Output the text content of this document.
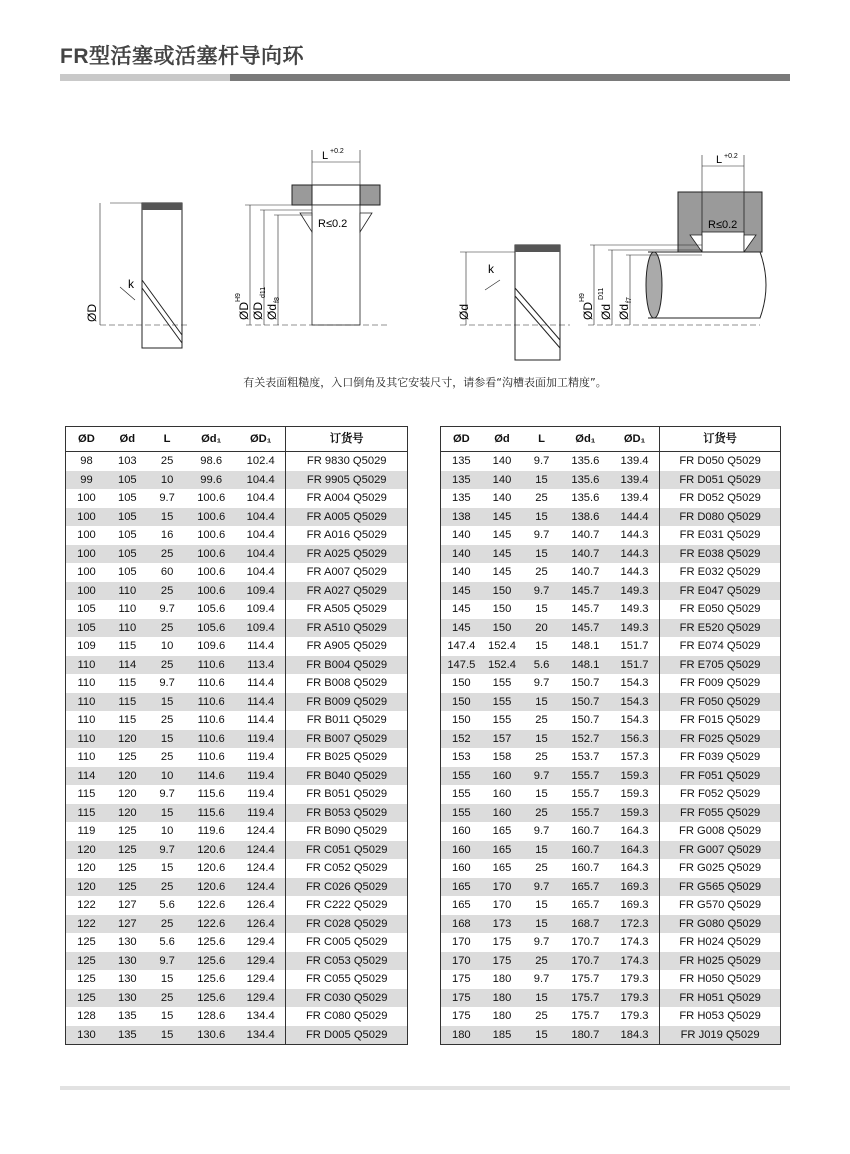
FR型活塞或活塞杆导向环
k
ØD
L +0.2
R≤0.2
ØD
H9
ØD
d11
Ød
f8
k
Ød
L +0.2
R≤0.2
ØD
H9
Ød
D11
Ød
f7
有关表面粗糙度，入口倒角及其它安装尺寸，请参看“沟槽表面加工精度”。
ØD	Ød	L	Ød₁	ØD₁	订货号
98	103	25	98.6	102.4	FR 9830 Q5029
99	105	10	99.6	104.4	FR 9905 Q5029
100	105	9.7	100.6	104.4	FR A004 Q5029
100	105	15	100.6	104.4	FR A005 Q5029
100	105	16	100.6	104.4	FR A016 Q5029
100	105	25	100.6	104.4	FR A025 Q5029
100	105	60	100.6	104.4	FR A007 Q5029
100	110	25	100.6	109.4	FR A027 Q5029
105	110	9.7	105.6	109.4	FR A505 Q5029
105	110	25	105.6	109.4	FR A510 Q5029
109	115	10	109.6	114.4	FR A905 Q5029
110	114	25	110.6	113.4	FR B004 Q5029
110	115	9.7	110.6	114.4	FR B008 Q5029
110	115	15	110.6	114.4	FR B009 Q5029
110	115	25	110.6	114.4	FR B011 Q5029
110	120	15	110.6	119.4	FR B007 Q5029
110	125	25	110.6	119.4	FR B025 Q5029
114	120	10	114.6	119.4	FR B040 Q5029
115	120	9.7	115.6	119.4	FR B051 Q5029
115	120	15	115.6	119.4	FR B053 Q5029
119	125	10	119.6	124.4	FR B090 Q5029
120	125	9.7	120.6	124.4	FR C051 Q5029
120	125	15	120.6	124.4	FR C052 Q5029
120	125	25	120.6	124.4	FR C026 Q5029
122	127	5.6	122.6	126.4	FR C222 Q5029
122	127	25	122.6	126.4	FR C028 Q5029
125	130	5.6	125.6	129.4	FR C005 Q5029
125	130	9.7	125.6	129.4	FR C053 Q5029
125	130	15	125.6	129.4	FR C055 Q5029
125	130	25	125.6	129.4	FR C030 Q5029
128	135	15	128.6	134.4	FR C080 Q5029
130	135	15	130.6	134.4	FR D005 Q5029
ØD	Ød	L	Ød₁	ØD₁	订货号
135	140	9.7	135.6	139.4	FR D050 Q5029
135	140	15	135.6	139.4	FR D051 Q5029
135	140	25	135.6	139.4	FR D052 Q5029
138	145	15	138.6	144.4	FR D080 Q5029
140	145	9.7	140.7	144.3	FR E031 Q5029
140	145	15	140.7	144.3	FR E038 Q5029
140	145	25	140.7	144.3	FR E032 Q5029
145	150	9.7	145.7	149.3	FR E047 Q5029
145	150	15	145.7	149.3	FR E050 Q5029
145	150	20	145.7	149.3	FR E520 Q5029
147.4	152.4	15	148.1	151.7	FR E074 Q5029
147.5	152.4	5.6	148.1	151.7	FR E705 Q5029
150	155	9.7	150.7	154.3	FR F009 Q5029
150	155	15	150.7	154.3	FR F050 Q5029
150	155	25	150.7	154.3	FR F015 Q5029
152	157	15	152.7	156.3	FR F025 Q5029
153	158	25	153.7	157.3	FR F039 Q5029
155	160	9.7	155.7	159.3	FR F051 Q5029
155	160	15	155.7	159.3	FR F052 Q5029
155	160	25	155.7	159.3	FR F055 Q5029
160	165	9.7	160.7	164.3	FR G008 Q5029
160	165	15	160.7	164.3	FR G007 Q5029
160	165	25	160.7	164.3	FR G025 Q5029
165	170	9.7	165.7	169.3	FR G565 Q5029
165	170	15	165.7	169.3	FR G570 Q5029
168	173	15	168.7	172.3	FR G080 Q5029
170	175	9.7	170.7	174.3	FR H024 Q5029
170	175	25	170.7	174.3	FR H025 Q5029
175	180	9.7	175.7	179.3	FR H050 Q5029
175	180	15	175.7	179.3	FR H051 Q5029
175	180	25	175.7	179.3	FR H053 Q5029
180	185	15	180.7	184.3	FR J019 Q5029
